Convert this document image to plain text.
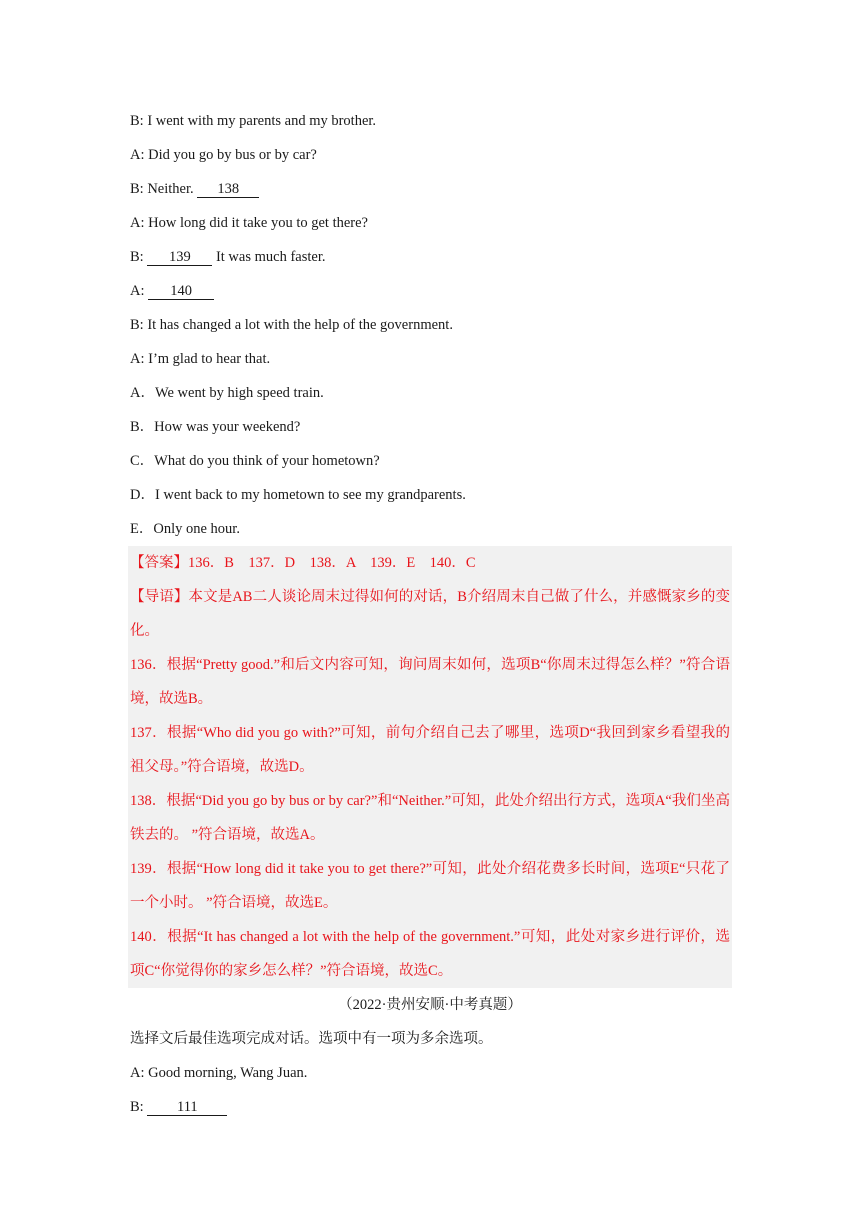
B: I went with my parents and my brother.
A: Did you go by bus or by car?
B: Neither. 138
A: How long did it take you to get there?
B: 139 It was much faster.
A: 140
B: It has changed a lot with the help of the government.
A: I’m glad to hear that.
A．We went by high speed train.
B．How was your weekend?
C．What do you think of your hometown?
D．I went back to my hometown to see my grandparents.
E．Only one hour.
【答案】136．B　137．D　138．A　139．E　140．C
【导语】本文是AB二人谈论周末过得如何的对话，B介绍周末自己做了什么，并感慨家乡的变化。
136．根据“Pretty good.”和后文内容可知，询问周末如何，选项B“你周末过得怎么样？”符合语境，故选B。
137．根据“Who did you go with?”可知，前句介绍自己去了哪里，选项D“我回到家乡看望我的祖父母。”符合语境，故选D。
138．根据“Did you go by bus or by car?”和“Neither.”可知，此处介绍出行方式，选项A“我们坐高铁去的。 ”符合语境，故选A。
139．根据“How long did it take you to get there?”可知，此处介绍花费多长时间，选项E“只花了一个小时。 ”符合语境，故选E。
140．根据“It has changed a lot with the help of the government.”可知，此处对家乡进行评价，选项C“你觉得你的家乡怎么样？”符合语境，故选C。
（2022·贵州安顺·中考真题）
选择文后最佳选项完成对话。选项中有一项为多余选项。
A: Good morning, Wang Juan.
B: 111
